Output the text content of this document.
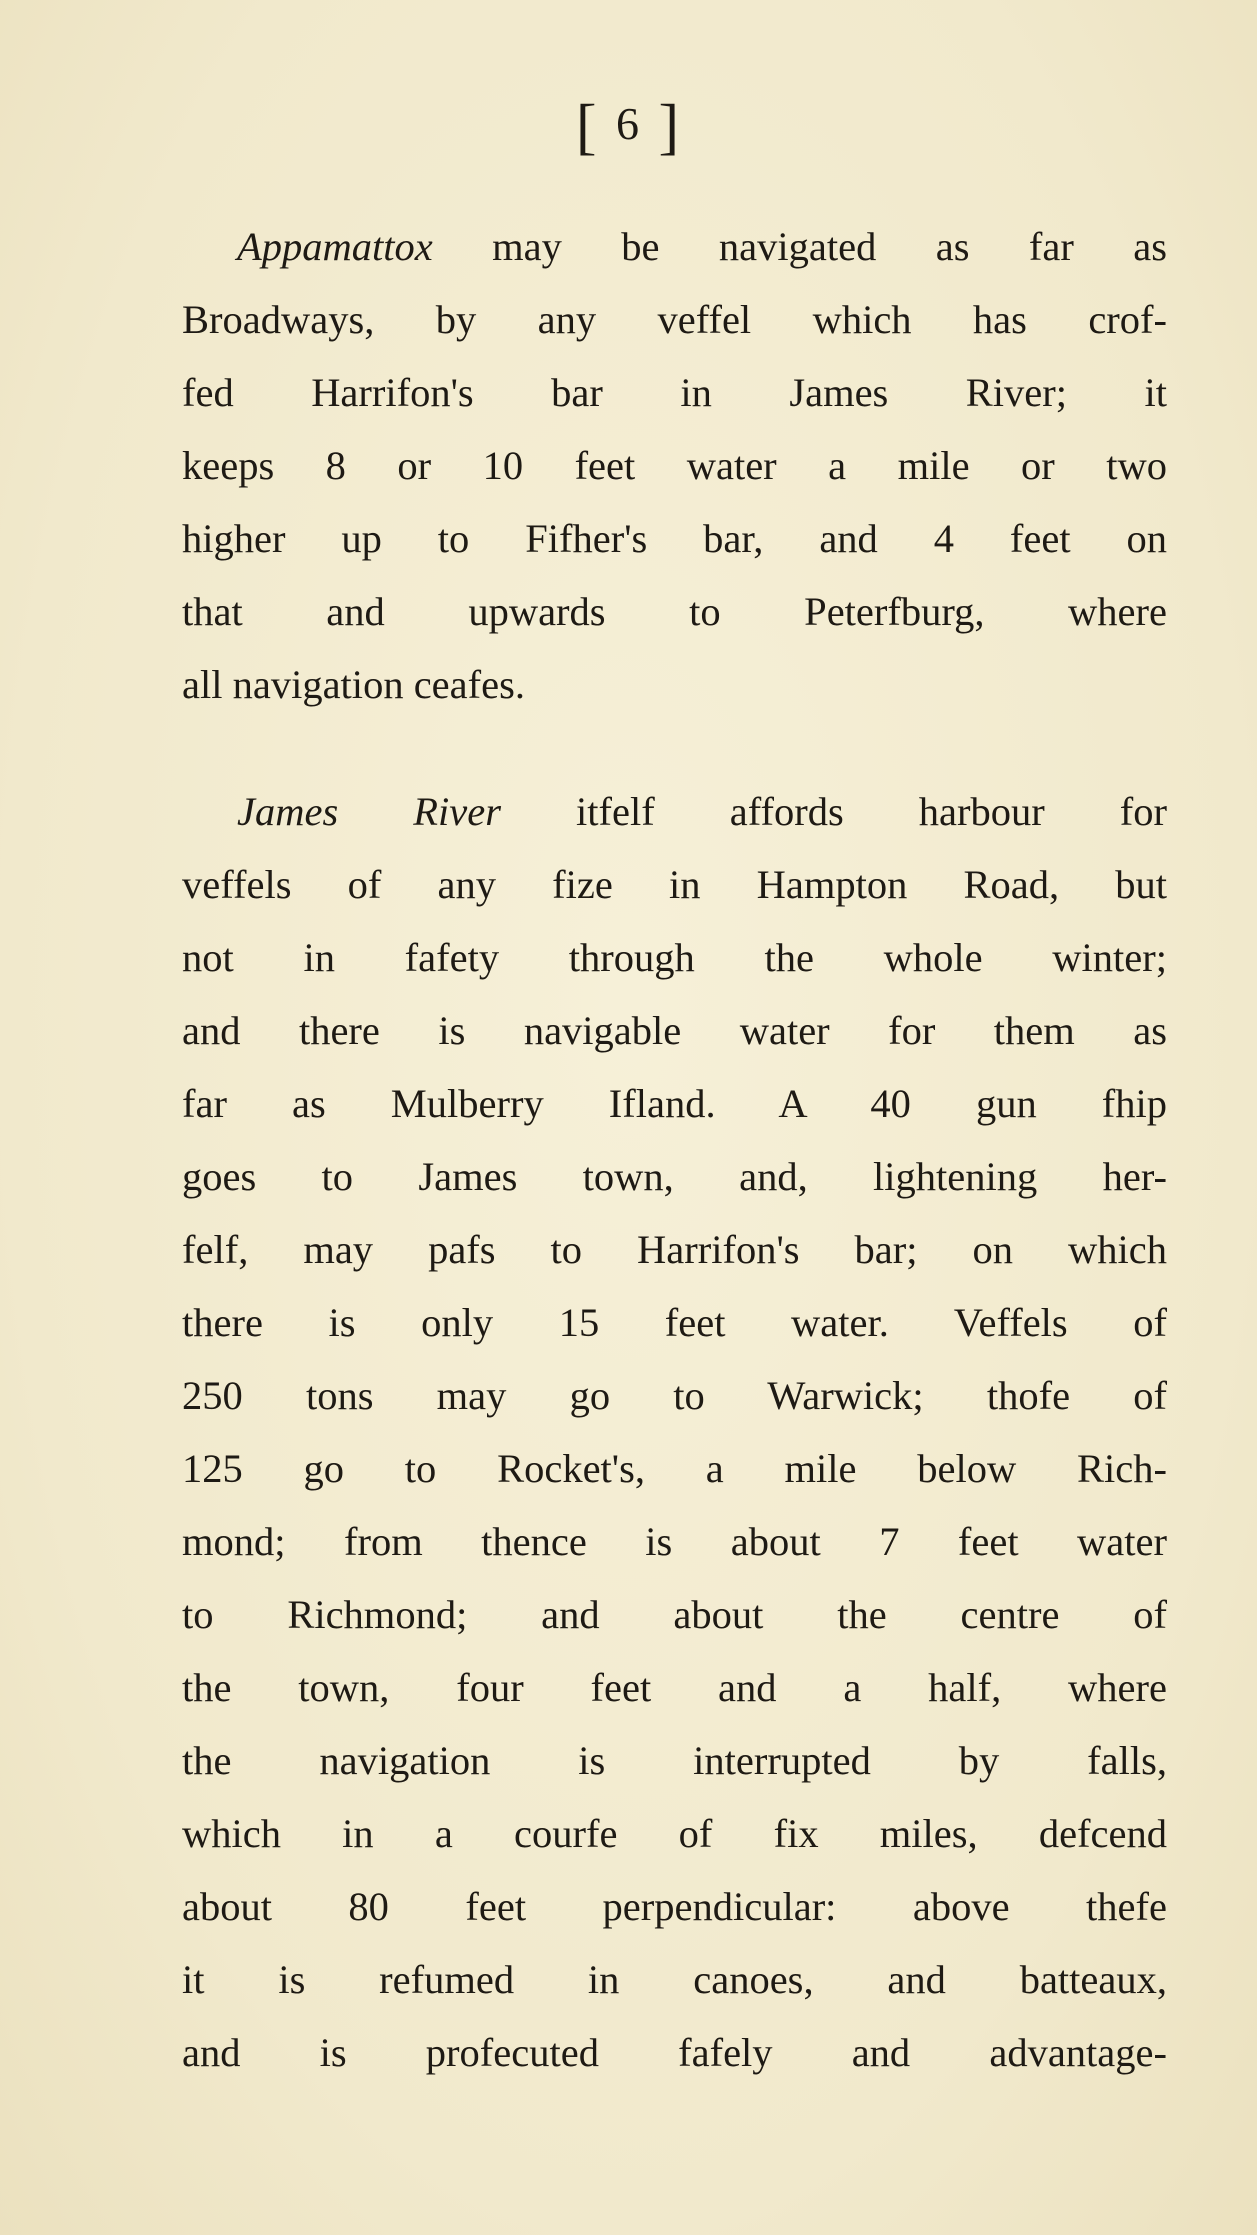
[ 6 ]
Appamattox may be navigated as far as
Broadways, by any veffel which has crof-
fed Harrifon's bar in James River; it
keeps 8 or 10 feet water a mile or two
higher up to Fifher's bar, and 4 feet on
that and upwards to Peterfburg, where
all navigation ceafes.
James River itfelf affords harbour for
veffels of any fize in Hampton Road, but
not in fafety through the whole winter;
and there is navigable water for them as
far as Mulberry Ifland. A 40 gun fhip
goes to James town, and, lightening her-
felf, may pafs to Harrifon's bar; on which
there is only 15 feet water. Veffels of
250 tons may go to Warwick; thofe of
125 go to Rocket's, a mile below Rich-
mond; from thence is about 7 feet water
to Richmond; and about the centre of
the town, four feet and a half, where
the navigation is interrupted by falls,
which in a courfe of fix miles, defcend
about 80 feet perpendicular: above thefe
it is refumed in canoes, and batteaux,
and is profecuted fafely and advantage-
